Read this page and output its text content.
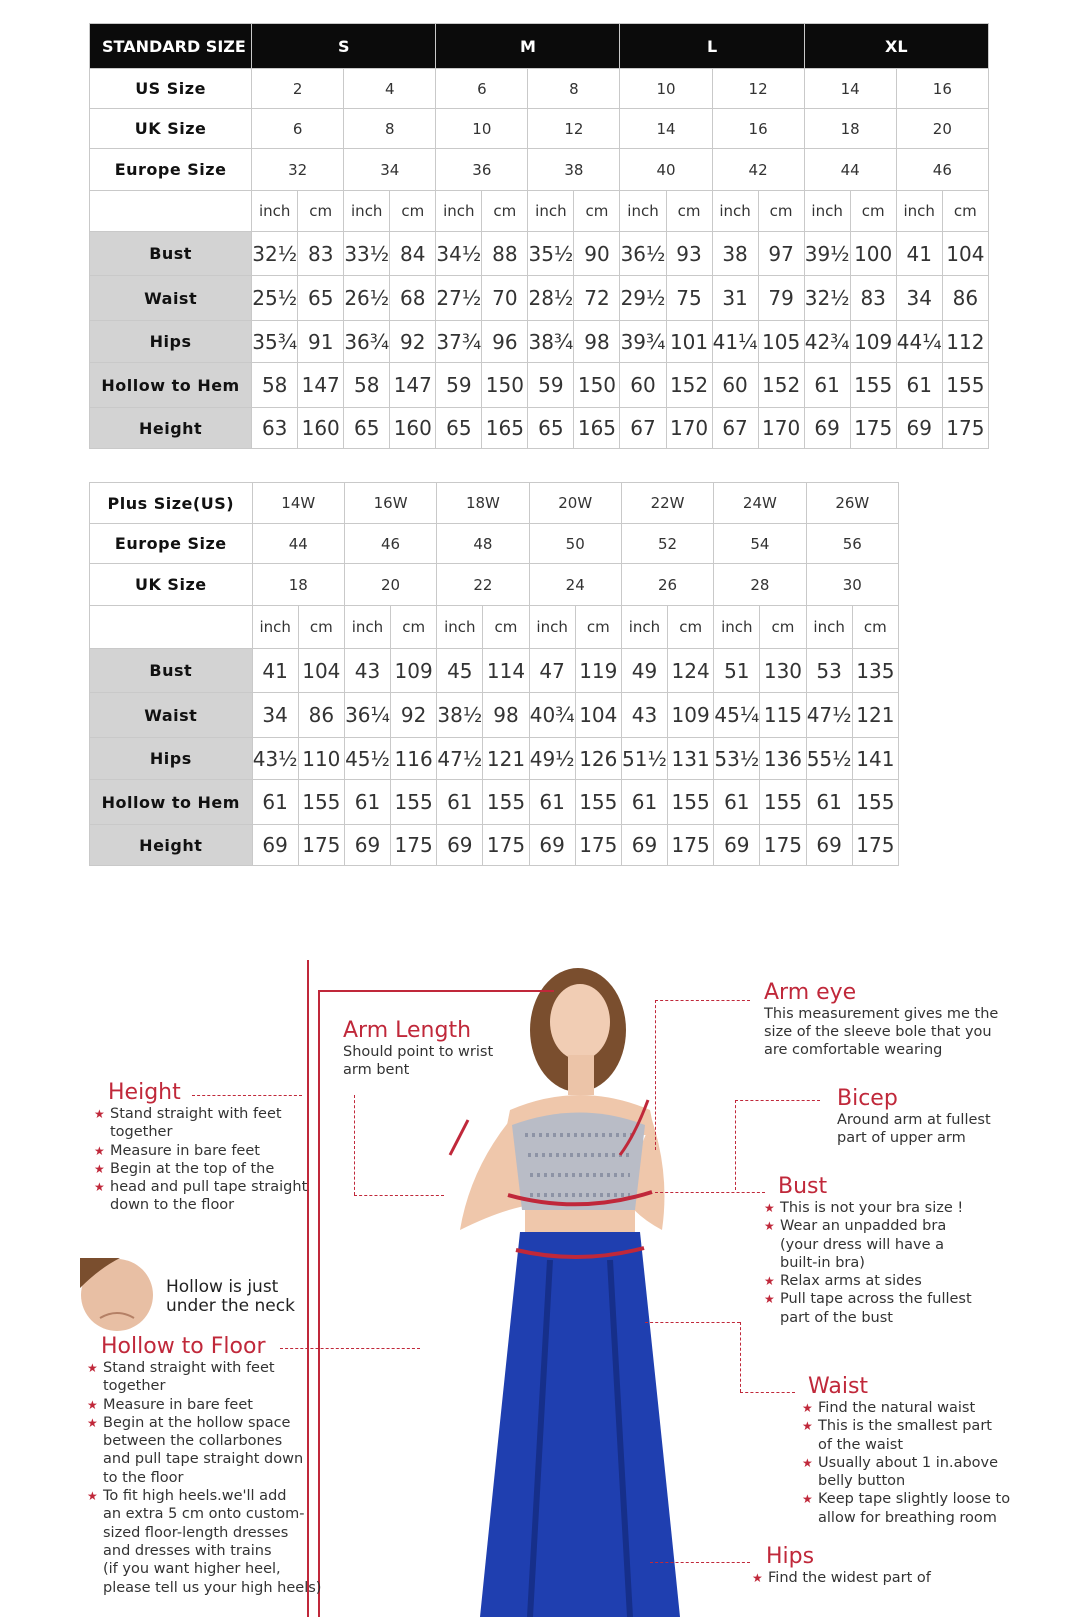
STANDARD SIZE	S				M				L				XL			
US Size	2		4		6		8		10		12		14		16	
UK Size	6		8		10		12		14		16		18		20	
Europe Size	32		34		36		38		40		42		44		46	
	inch	cm	inch	cm	inch	cm	inch	cm	inch	cm	inch	cm	inch	cm	inch	cm
Bust	32½	83	33½	84	34½	88	35½	90	36½	93	38	97	39½	100	41	104
Waist	25½	65	26½	68	27½	70	28½	72	29½	75	31	79	32½	83	34	86
Hips	35¾	91	36¾	92	37¾	96	38¾	98	39¾	101	41¼	105	42¾	109	44¼	112
Hollow to Hem	58	147	58	147	59	150	59	150	60	152	60	152	61	155	61	155
Height	63	160	65	160	65	165	65	165	67	170	67	170	69	175	69	175
Plus Size(US)	14W		16W		18W		20W		22W		24W		26W	
Europe Size	44		46		48		50		52		54		56	
UK Size	18		20		22		24		26		28		30	
	inch	cm	inch	cm	inch	cm	inch	cm	inch	cm	inch	cm	inch	cm
Bust	41	104	43	109	45	114	47	119	49	124	51	130	53	135
Waist	34	86	36¼	92	38½	98	40¾	104	43	109	45¼	115	47½	121
Hips	43½	110	45½	116	47½	121	49½	126	51½	131	53½	136	55½	141
Hollow to Hem	61	155	61	155	61	155	61	155	61	155	61	155	61	155
Height	69	175	69	175	69	175	69	175	69	175	69	175	69	175
Arm Length

Should point to wrist

arm bent

Arm eye

This measurement gives me the

size of the sleeve bole that you

are comfortable wearing

Bicep

Around arm at fullest

part of upper arm

Height
★ Stand straight with feet
together
★ Measure in bare feet
★ Begin at the top of the
★ head and pull tape straight
down to the floor
Bust
★ This is not your bra size !
★ Wear an unpadded bra
(your dress will have a
built-in bra)
★ Relax arms at sides
★ Pull tape across the fullest
part of the bust

Hollow is just

under the neck

Hollow to Floor
★ Stand straight with feet
together
★ Measure in bare feet
★ Begin at the hollow space
between the collarbones
and pull tape straight down
to the floor
★ To fit high heels.we'll add
an extra 5 cm onto custom-
sized floor-length dresses
and dresses with trains
(if you want higher heel,
please tell us your high heels)
Waist
★ Find the natural waist
★ This is the smallest part
of the waist
★ Usually about 1 in.above
belly button
★ Keep tape slightly loose to
allow for breathing room
Hips
★ Find the widest part of
